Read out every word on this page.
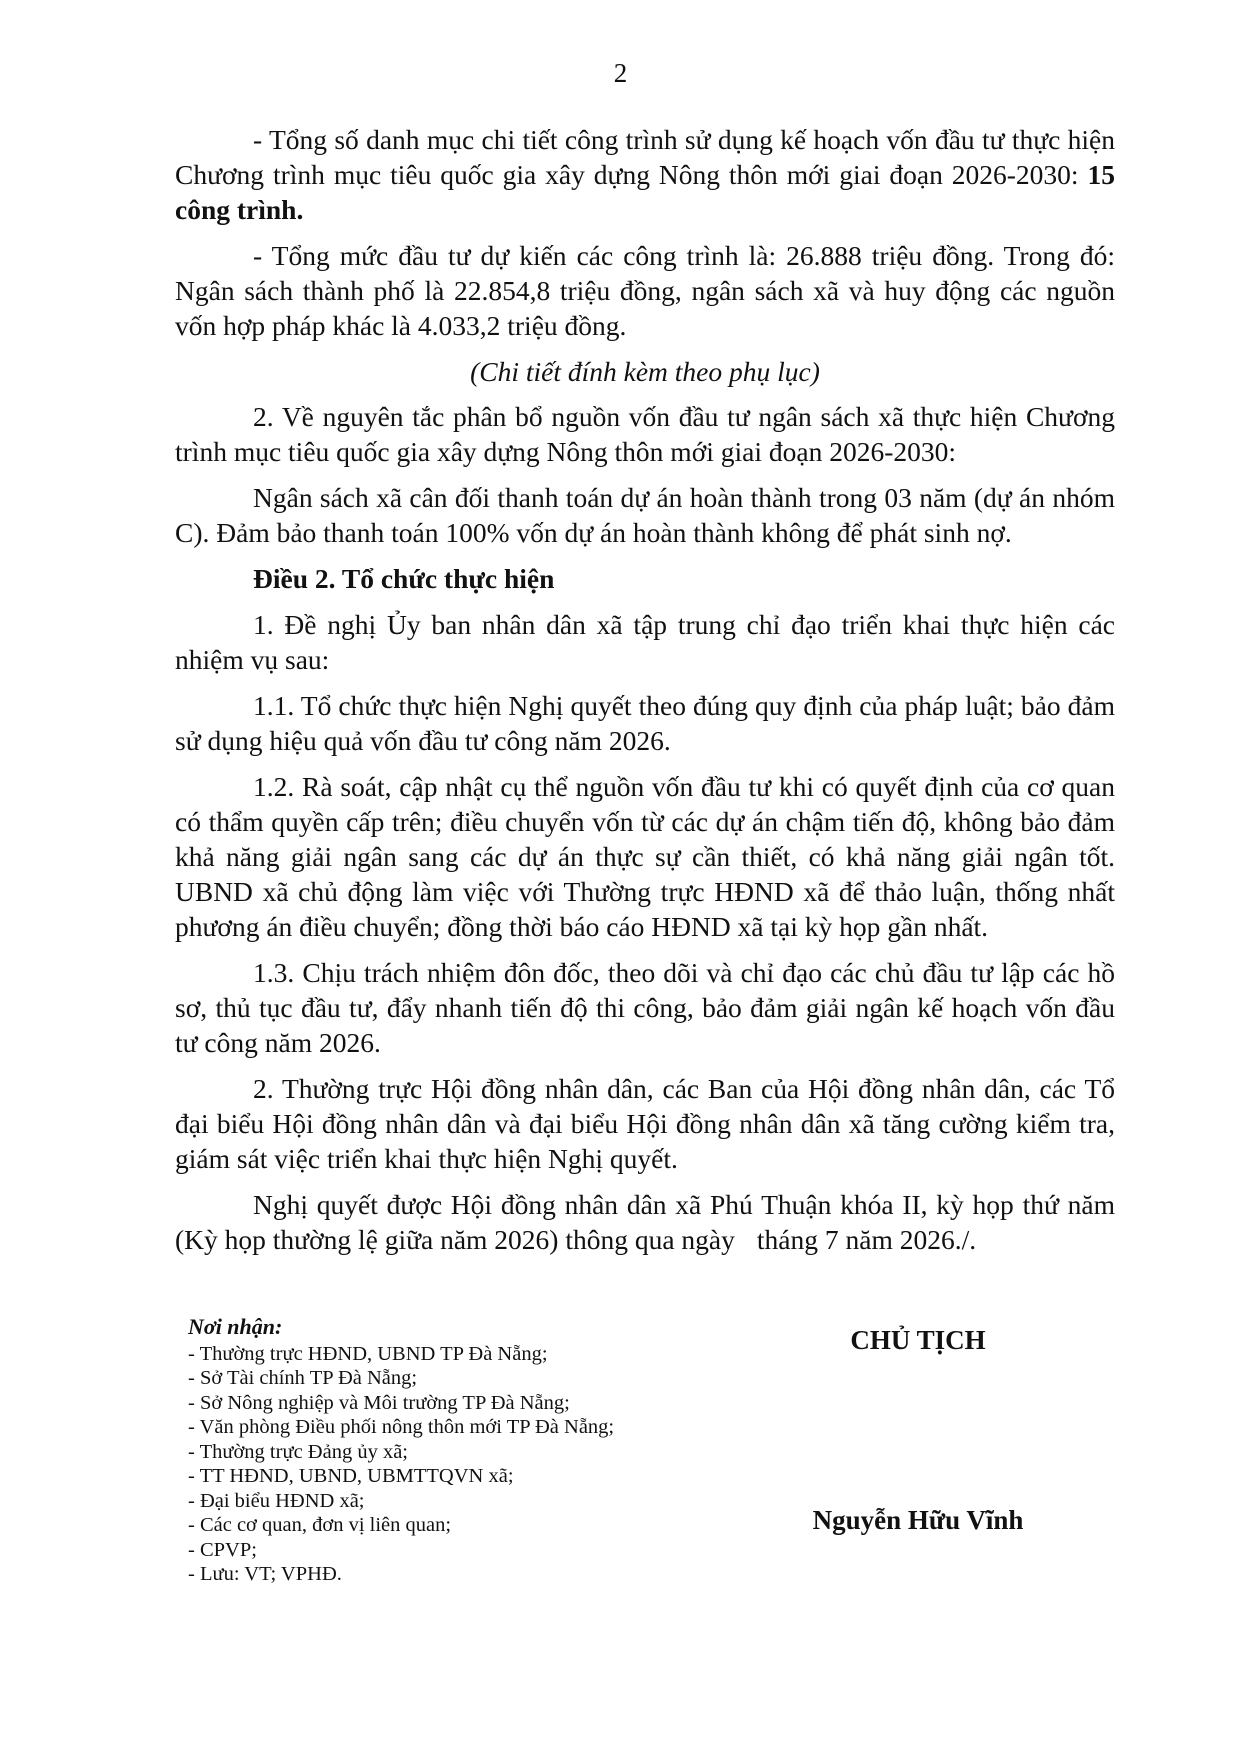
2

- Tổng số danh mục chi tiết công trình sử dụng kế hoạch vốn đầu tư thực hiện Chương trình mục tiêu quốc gia xây dựng Nông thôn mới giai đoạn 2026-2030: 15 công trình.

- Tổng mức đầu tư dự kiến các công trình là: 26.888 triệu đồng. Trong đó: Ngân sách thành phố là 22.854,8 triệu đồng, ngân sách xã và huy động các nguồn vốn hợp pháp khác là 4.033,2 triệu đồng.

(Chi tiết đính kèm theo phụ lục)

2. Về nguyên tắc phân bổ nguồn vốn đầu tư ngân sách xã thực hiện Chương trình mục tiêu quốc gia xây dựng Nông thôn mới giai đoạn 2026-2030:

Ngân sách xã cân đối thanh toán dự án hoàn thành trong 03 năm (dự án nhóm C). Đảm bảo thanh toán 100% vốn dự án hoàn thành không để phát sinh nợ.

Điều 2. Tổ chức thực hiện

1. Đề nghị Ủy ban nhân dân xã tập trung chỉ đạo triển khai thực hiện các nhiệm vụ sau:

1.1. Tổ chức thực hiện Nghị quyết theo đúng quy định của pháp luật; bảo đảm sử dụng hiệu quả vốn đầu tư công năm 2026.

1.2. Rà soát, cập nhật cụ thể nguồn vốn đầu tư khi có quyết định của cơ quan có thẩm quyền cấp trên; điều chuyển vốn từ các dự án chậm tiến độ, không bảo đảm khả năng giải ngân sang các dự án thực sự cần thiết, có khả năng giải ngân tốt. UBND xã chủ động làm việc với Thường trực HĐND xã để thảo luận, thống nhất phương án điều chuyển; đồng thời báo cáo HĐND xã tại kỳ họp gần nhất.

1.3. Chịu trách nhiệm đôn đốc, theo dõi và chỉ đạo các chủ đầu tư lập các hồ sơ, thủ tục đầu tư, đẩy nhanh tiến độ thi công, bảo đảm giải ngân kế hoạch vốn đầu tư công năm 2026.

2. Thường trực Hội đồng nhân dân, các Ban của Hội đồng nhân dân, các Tổ đại biểu Hội đồng nhân dân và đại biểu Hội đồng nhân dân xã tăng cường kiểm tra, giám sát việc triển khai thực hiện Nghị quyết.

Nghị quyết được Hội đồng nhân dân xã Phú Thuận khóa II, kỳ họp thứ năm (Kỳ họp thường lệ giữa năm 2026) thông qua ngày tháng 7 năm 2026./.

Nơi nhận:
- Thường trực HĐND, UBND TP Đà Nẵng;
- Sở Tài chính TP Đà Nẵng;
- Sở Nông nghiệp và Môi trường TP Đà Nẵng;
- Văn phòng Điều phối nông thôn mới TP Đà Nẵng;
- Thường trực Đảng ủy xã;
- TT HĐND, UBND, UBMTTQVN xã;
- Đại biểu HĐND xã;
- Các cơ quan, đơn vị liên quan;
- CPVP;
- Lưu: VT; VPHĐ.
CHỦ TỊCH
Nguyễn Hữu Vĩnh
